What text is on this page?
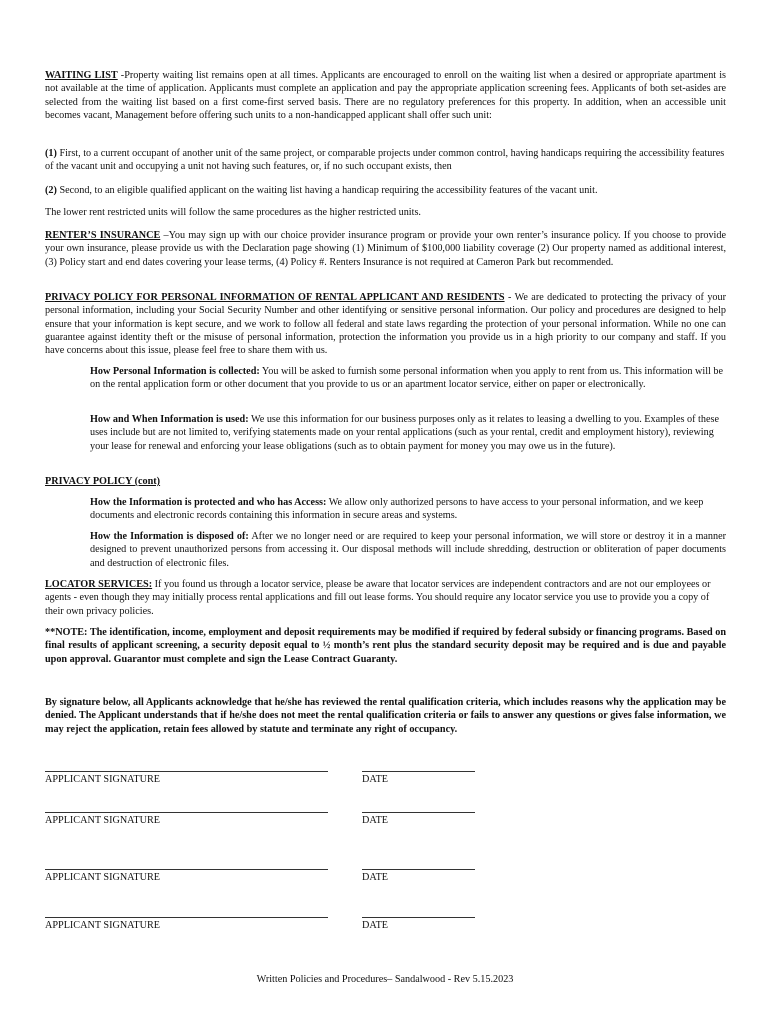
WAITING LIST -Property waiting list remains open at all times. Applicants are encouraged to enroll on the waiting list when a desired or appropriate apartment is not available at the time of application. Applicants must complete an application and pay the appropriate application screening fees. Applicants of both set-asides are selected from the waiting list based on a first come-first served basis. There are no regulatory preferences for this property. In addition, when an accessible unit becomes vacant, Management before offering such units to a non-handicapped applicant shall offer such unit:

(1) First, to a current occupant of another unit of the same project, or comparable projects under common control, having handicaps requiring the accessibility features of the vacant unit and occupying a unit not having such features, or, if no such occupant exists, then

(2) Second, to an eligible qualified applicant on the waiting list having a handicap requiring the accessibility features of the vacant unit.

The lower rent restricted units will follow the same procedures as the higher restricted units.

RENTER’S INSURANCE –You may sign up with our choice provider insurance program or provide your own renter’s insurance policy. If you choose to provide your own insurance, please provide us with the Declaration page showing (1) Minimum of $100,000 liability coverage (2) Our property named as additional interest, (3) Policy start and end dates covering your lease terms, (4) Policy #. Renters Insurance is not required at Cameron Park but recommended.

PRIVACY POLICY FOR PERSONAL INFORMATION OF RENTAL APPLICANT AND RESIDENTS - We are dedicated to protecting the privacy of your personal information, including your Social Security Number and other identifying or sensitive personal information. Our policy and procedures are designed to help ensure that your information is kept secure, and we work to follow all federal and state laws regarding the protection of your personal information. While no one can guarantee against identity theft or the misuse of personal information, protection the information you provide us in a high priority to our company and staff. If you have concerns about this issue, please feel free to share them with us.

How Personal Information is collected: You will be asked to furnish some personal information when you apply to rent from us. This information will be on the rental application form or other document that you provide to us or an apartment locator service, either on paper or electronically.

How and When Information is used: We use this information for our business purposes only as it relates to leasing a dwelling to you. Examples of these uses include but are not limited to, verifying statements made on your rental applications (such as your rental, credit and employment history), reviewing your lease for renewal and enforcing your lease obligations (such as to obtain payment for money you may owe us in the future).

PRIVACY POLICY (cont)

How the Information is protected and who has Access: We allow only authorized persons to have access to your personal information, and we keep documents and electronic records containing this information in secure areas and systems.

How the Information is disposed of: After we no longer need or are required to keep your personal information, we will store or destroy it in a manner designed to prevent unauthorized persons from accessing it. Our disposal methods will include shredding, destruction or obliteration of paper documents and destruction of electronic files.

LOCATOR SERVICES: If you found us through a locator service, please be aware that locator services are independent contractors and are not our employees or agents - even though they may initially process rental applications and fill out lease forms. You should require any locator service you use to provide you a copy of their own privacy policies.

**NOTE: The identification, income, employment and deposit requirements may be modified if required by federal subsidy or financing programs. Based on final results of applicant screening, a security deposit equal to ½ month’s rent plus the standard security deposit may be required and is due and payable upon approval. Guarantor must complete and sign the Lease Contract Guaranty.

By signature below, all Applicants acknowledge that he/she has reviewed the rental qualification criteria, which includes reasons why the application may be denied. The Applicant understands that if he/she does not meet the rental qualification criteria or fails to answer any questions or gives false information, we may reject the application, retain fees allowed by statute and terminate any right of occupancy.

APPLICANT SIGNATURE	DATE
APPLICANT SIGNATURE	DATE
APPLICANT SIGNATURE	DATE
APPLICANT SIGNATURE	DATE
Written Policies and Procedures– Sandalwood - Rev 5.15.2023
